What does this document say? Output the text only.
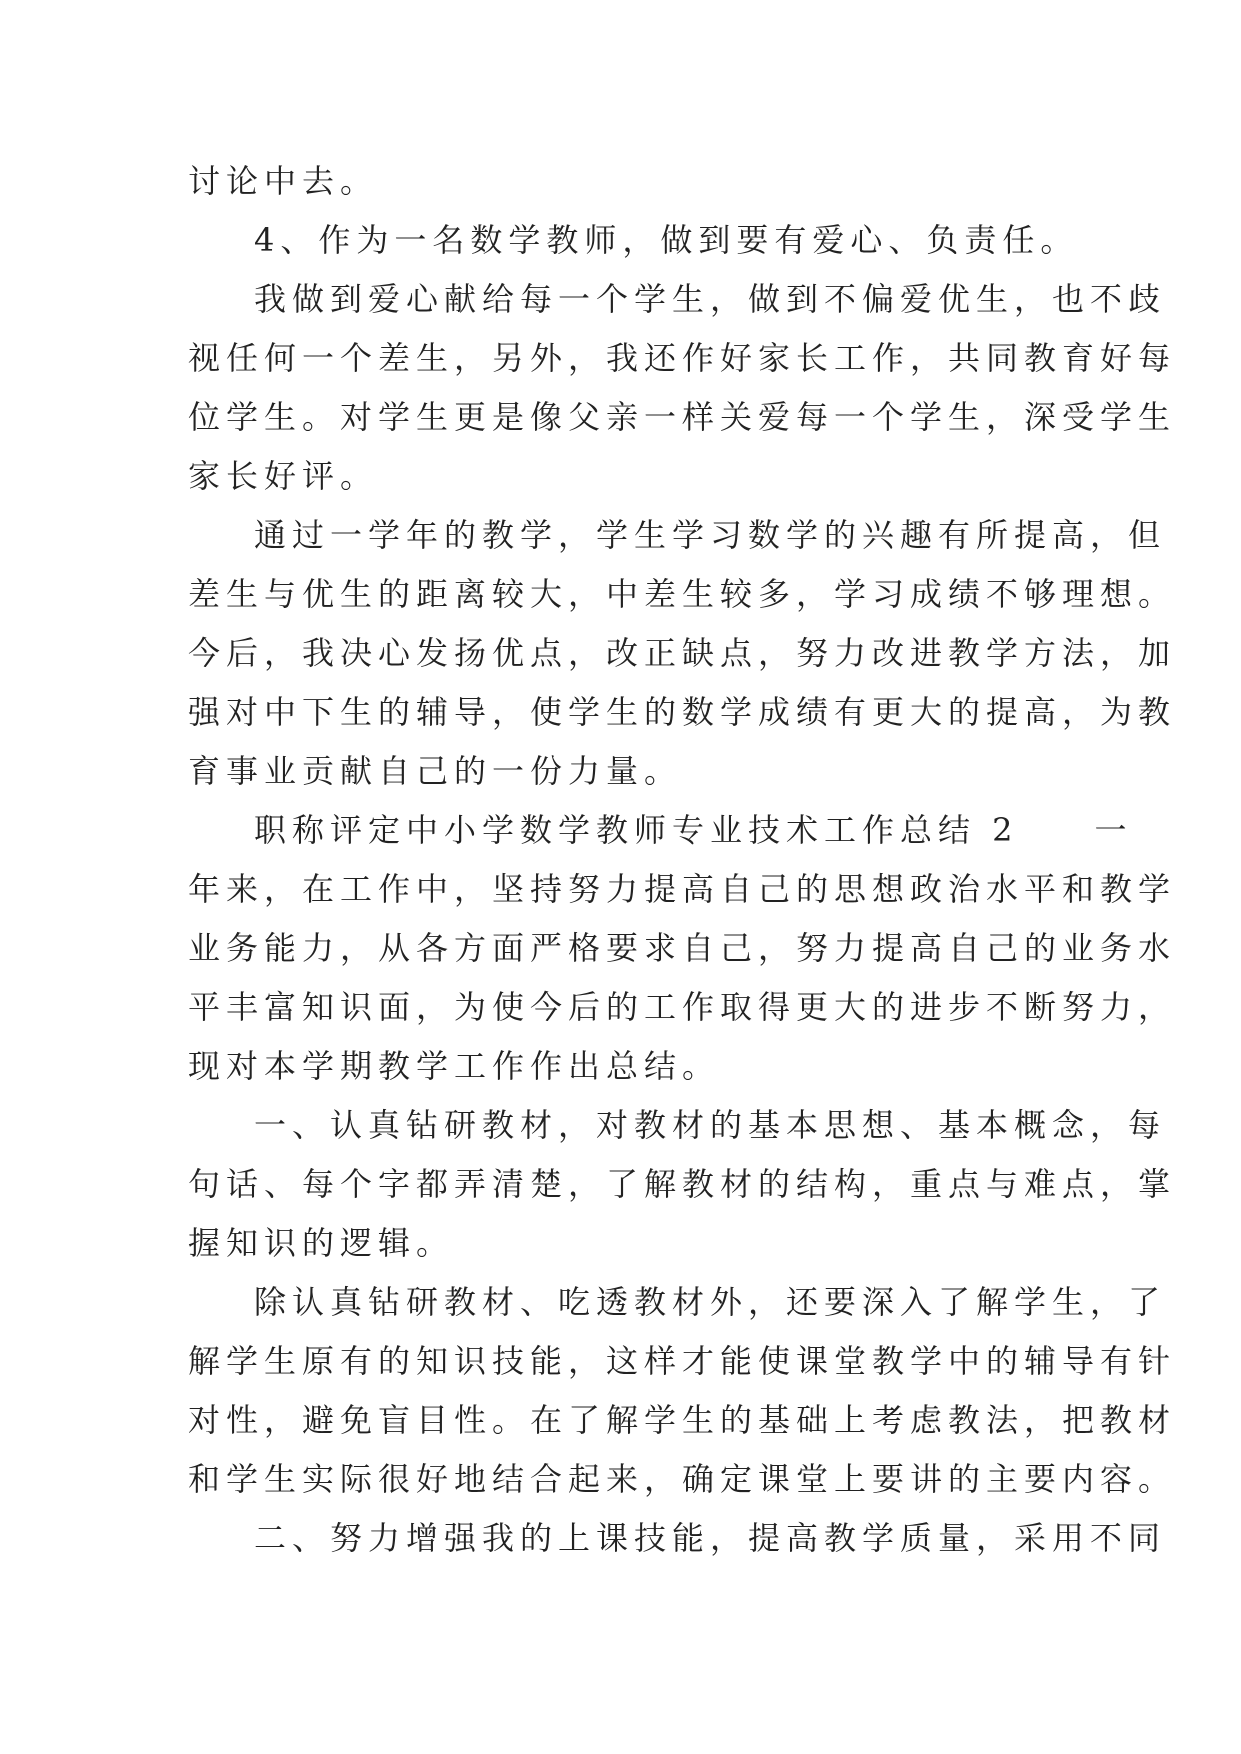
讨论中去。
4、作为一名数学教师，做到要有爱心、负责任。
我做到爱心献给每一个学生，做到不偏爱优生，也不歧
视任何一个差生，另外，我还作好家长工作，共同教育好每
位学生。对学生更是像父亲一样关爱每一个学生，深受学生
家长好评。
通过一学年的教学，学生学习数学的兴趣有所提高，但
差生与优生的距离较大，中差生较多，学习成绩不够理想。
今后，我决心发扬优点，改正缺点，努力改进教学方法，加
强对中下生的辅导，使学生的数学成绩有更大的提高，为教
育事业贡献自己的一份力量。
职称评定中小学数学教师专业技术工作总结 2　　一
年来，在工作中，坚持努力提高自己的思想政治水平和教学
业务能力，从各方面严格要求自己，努力提高自己的业务水
平丰富知识面，为使今后的工作取得更大的进步不断努力，
现对本学期教学工作作出总结。
一、认真钻研教材，对教材的基本思想、基本概念，每
句话、每个字都弄清楚，了解教材的结构，重点与难点，掌
握知识的逻辑。
除认真钻研教材、吃透教材外，还要深入了解学生，了
解学生原有的知识技能，这样才能使课堂教学中的辅导有针
对性，避免盲目性。在了解学生的基础上考虑教法，把教材
和学生实际很好地结合起来，确定课堂上要讲的主要内容。
二、努力增强我的上课技能，提高教学质量，采用不同
